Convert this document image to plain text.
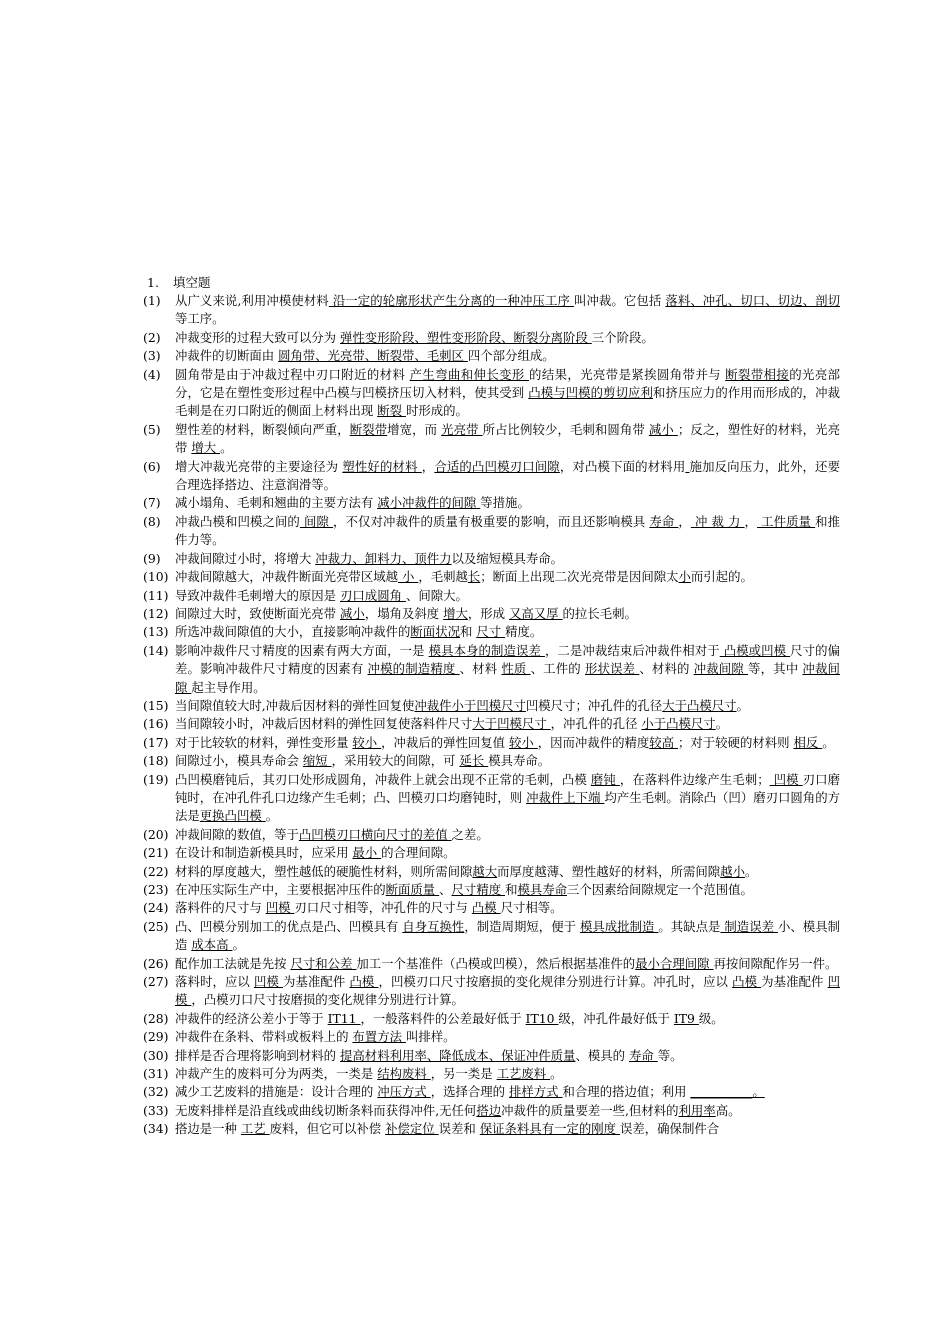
1. 填空题
(1)	从广义来说,利用冲模使材料 沿一定的轮廓形状产生分离的一种冲压工序 叫冲裁。它包括 落料、冲孔、切口、切边、剖切 等工序。
(2)	冲裁变形的过程大致可以分为 弹性变形阶段、塑性变形阶段、断裂分离阶段 三个阶段。
(3)	冲裁件的切断面由 圆角带、光亮带、断裂带、毛刺区 四个部分组成。
(4)	圆角带是由于冲裁过程中刃口附近的材料 产生弯曲和伸长变形 的结果，光亮带是紧挨圆角带并与 断裂带相接的光亮部分，它是在塑性变形过程中凸模与凹模挤压切入材料，使其受到 凸模与凹模的剪切应利和挤压应力的作用而形成的，冲裁毛刺是在刃口附近的侧面上材料出现 断裂 时形成的。
(5)	塑性差的材料，断裂倾向严重，断裂带增宽，而 光亮带 所占比例较少，毛刺和圆角带 减小 ；反之，塑性好的材料，光亮带 增大 。
(6)	增大冲裁光亮带的主要途径为 塑性好的材料 ，合适的凸凹模刃口间隙，对凸模下面的材料用 施加反向压力，此外，还要合理选择搭边、注意润滑等。
(7)	减小塌角、毛刺和翘曲的主要方法有 减小冲裁件的间隙 等措施。
(8)	冲裁凸模和凹模之间的 间隙 ，不仅对冲裁件的质量有极重要的影响，而且还影响模具 寿命 ， 冲 裁 力 ， 工件质量 和推件力等。
(9)	冲裁间隙过小时，将增大 冲裁力、卸料力、顶件力以及缩短模具寿命。
(10) 冲裁间隙越大，冲裁件断面光亮带区域越 小 ，毛刺越长；断面上出现二次光亮带是因间隙太小而引起的。
(11) 导致冲裁件毛刺增大的原因是 刃口成圆角 、间隙大。
(12) 间隙过大时，致使断面光亮带 减小，塌角及斜度 增大，形成 又高又厚 的拉长毛刺。
(13) 所选冲裁间隙值的大小，直接影响冲裁件的断面状况和 尺寸 精度。
(14) 影响冲裁件尺寸精度的因素有两大方面，一是 模具本身的制造误差 ，二是冲裁结束后冲裁件相对于 凸模或凹模 尺寸的偏差。影响冲裁件尺寸精度的因素有 冲模的制造精度 、材料 性质 、工件的 形状误差 、材料的 冲裁间隙 等，其中 冲裁间隙 起主导作用。
(15) 当间隙值较大时,冲裁后因材料的弹性回复使冲裁件小于凹模尺寸凹模尺寸；冲孔件的孔径大于凸模尺寸。
(16) 当间隙较小时，冲裁后因材料的弹性回复使落料件尺寸大于凹模尺寸 ，冲孔件的孔径 小于凸模尺寸。
(17) 对于比较软的材料，弹性变形量 较小 ，冲裁后的弹性回复值 较小 ，因而冲裁件的精度较高 ；对于较硬的材料则 相反 。
(18) 间隙过小，模具寿命会 缩短 ，采用较大的间隙，可 延长 模具寿命。
(19) 凸凹模磨钝后，其刃口处形成圆角，冲裁件上就会出现不正常的毛刺，凸模 磨钝 ，在落料件边缘产生毛刺； 凹模 刃口磨钝时，在冲孔件孔口边缘产生毛刺；凸、凹模刃口均磨钝时，则 冲裁件上下端 均产生毛刺。消除凸（凹）磨刃口圆角的方法是更换凸凹模 。
(20) 冲裁间隙的数值，等于凸凹模刃口横向尺寸的差值 之差。
(21) 在设计和制造新模具时，应采用 最小 的合理间隙。
(22) 材料的厚度越大，塑性越低的硬脆性材料，则所需间隙越大而厚度越薄、塑性越好的材料，所需间隙越小。
(23) 在冲压实际生产中，主要根据冲压件的断面质量 、尺寸精度 和模具寿命三个因素给间隙规定一个范围值。
(24) 落料件的尺寸与 凹模 刃口尺寸相等，冲孔件的尺寸与 凸模 尺寸相等。
(25) 凸、凹模分别加工的优点是凸、凹模具有 自身互换性，制造周期短，便于 模具成批制造 。其缺点是 制造误差 小、模具制造 成本高 。
(26) 配作加工法就是先按 尺寸和公差 加工一个基准件（凸模或凹模），然后根据基准件的最小合理间隙 再按间隙配作另一件。
(27) 落料时，应以 凹模 为基准配件 凸模 ，凹模刃口尺寸按磨损的变化规律分别进行计算。冲孔时，应以 凸模 为基准配件 凹模 ，凸模刃口尺寸按磨损的变化规律分别进行计算。
(28) 冲裁件的经济公差小于等于 IT11 ，一般落料件的公差最好低于 IT10 级，冲孔件最好低于 IT9 级。
(29) 冲裁件在条料、带料或板料上的 布置方法 叫排样。
(30) 排样是否合理将影响到材料的 提高材料利用率、降低成本、保证冲件质量、模具的 寿命 等。
(31) 冲裁产生的废料可分为两类，一类是 结构废料 ，另一类是 工艺废料 。
(32) 减少工艺废料的措施是：设计合理的 冲压方式 ，选择合理的 排样方式 和合理的搭边值；利用 __________。
(33) 无废料排样是沿直线或曲线切断条料而获得冲件,无任何搭边冲裁件的质量要差一些,但材料的利用率高。
(34) 搭边是一种 工艺 废料，但它可以补偿 补偿定位 误差和 保证条料具有一定的刚度 误差，确保制件合
